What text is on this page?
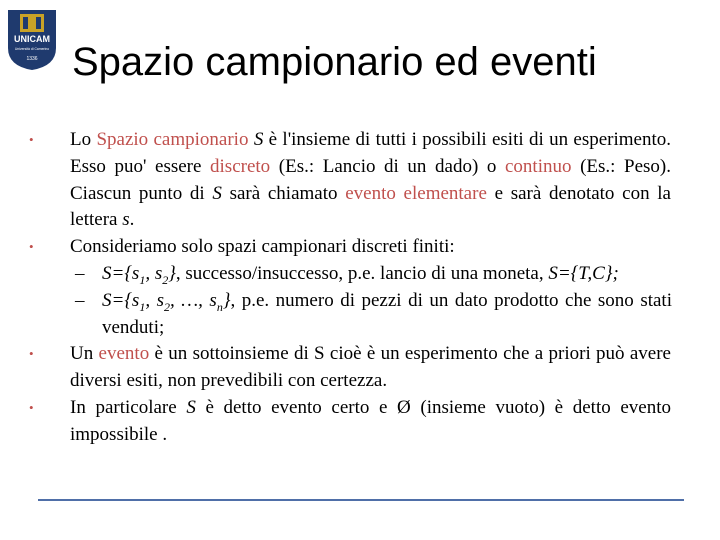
UNICAM
Università di Camerino
1336 Spazio campionario ed eventi

• Lo Spazio campionario S è l'insieme di tutti i possibili esiti di un esperimento. Esso puo' essere discreto (Es.: Lancio di un dado) o continuo (Es.: Peso). Ciascun punto di S sarà chiamato evento elementare e sarà denotato con la lettera s.

• Consideriamo solo spazi campionari discreti finiti:

– $S=\{s_1$, $s_2$}, successo/insuccesso, p.e. lancio di una moneta, S={T,C};

– $S=\{s_1$, $s_2$, …, $s_n$}, p.e. numero di pezzi di un dato prodotto che sono stati venduti;

• Un evento è un sottoinsieme di S cioè è un esperimento che a priori può avere diversi esiti, non prevedibili con certezza.

• In particolare S è detto evento certo e Ø (insieme vuoto) è detto evento impossibile .
